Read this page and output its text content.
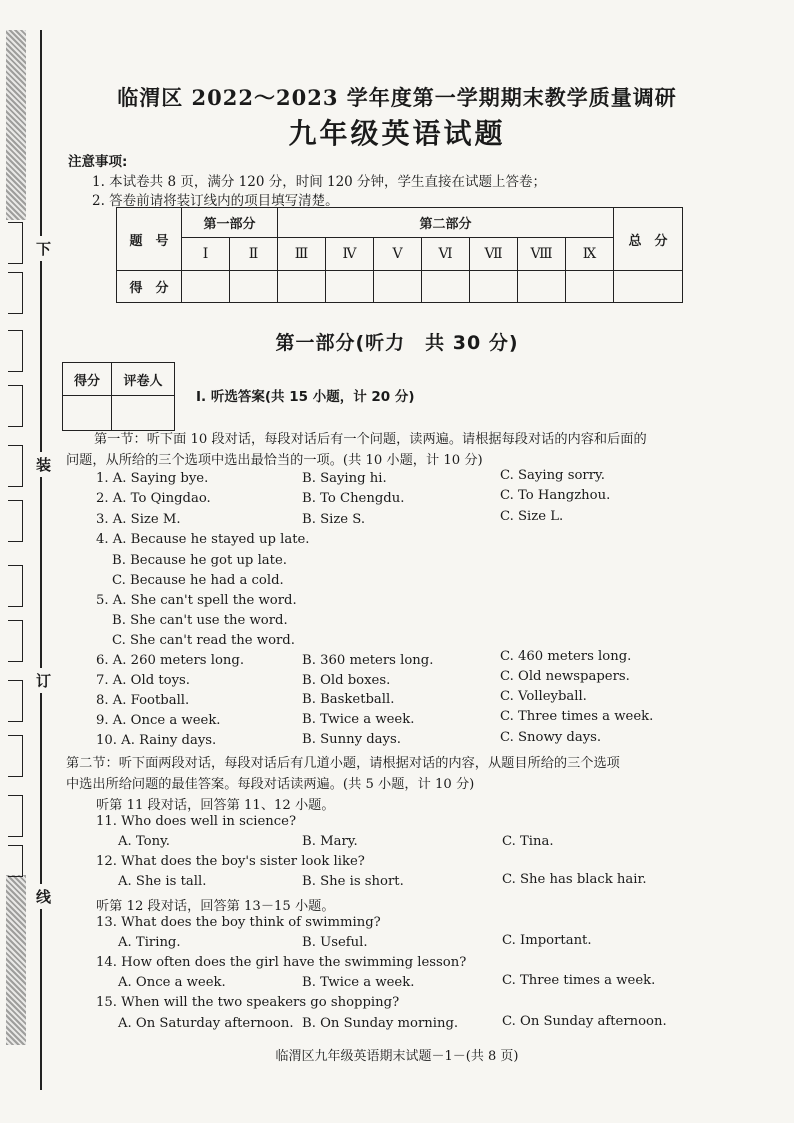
下
装
订
线
临渭区 2022～2023 学年度第一学期期末教学质量调研
九年级英语试题
注意事项:
1. 本试卷共 8 页，满分 120 分，时间 120 分钟，学生直接在试题上答卷；
2. 答卷前请将装订线内的项目填写清楚。
题　号	第一部分		第二部分							总　分
	Ⅰ	Ⅱ	Ⅲ	Ⅳ	Ⅴ	Ⅵ	Ⅶ	Ⅷ	Ⅸ	
得　分										
第一部分(听力　共 30 分)
得分	评卷人

Ⅰ. 听选答案(共 15 小题，计 20 分)
第一节：听下面 10 段对话，每段对话后有一个问题，读两遍。请根据每段对话的内容和后面的
问题，从所给的三个选项中选出最恰当的一项。(共 10 小题，计 10 分)
1. A. Saying bye.	B. Saying hi.	C. Saying sorry.
2. A. To Qingdao.	B. To Chengdu.	C. To Hangzhou.
3. A. Size M.	B. Size S.	C. Size L.
4. A. Because he stayed up late.
B. Because he got up late.
C. Because he had a cold.
5. A. She can't spell the word.
B. She can't use the word.
C. She can't read the word.
6. A. 260 meters long.	B. 360 meters long.	C. 460 meters long.
7. A. Old toys.	B. Old boxes.	C. Old newspapers.
8. A. Football.	B. Basketball.	C. Volleyball.
9. A. Once a week.	B. Twice a week.	C. Three times a week.
10. A. Rainy days.	B. Sunny days.	C. Snowy days.
第二节：听下面两段对话，每段对话后有几道小题，请根据对话的内容，从题目所给的三个选项
中选出所给问题的最佳答案。每段对话读两遍。(共 5 小题，计 10 分)
听第 11 段对话，回答第 11、12 小题。
11. Who does well in science?
A. Tony.	B. Mary.	C. Tina.
12. What does the boy's sister look like?
A. She is tall.	B. She is short.	C. She has black hair.
听第 12 段对话，回答第 13－15 小题。
13. What does the boy think of swimming?
A. Tiring.	B. Useful.	C. Important.
14. How often does the girl have the swimming lesson?
A. Once a week.	B. Twice a week.	C. Three times a week.
15. When will the two speakers go shopping?
A. On Saturday afternoon. B. On Sunday morning.	C. On Sunday afternoon.
临渭区九年级英语期末试题－1－(共 8 页)
